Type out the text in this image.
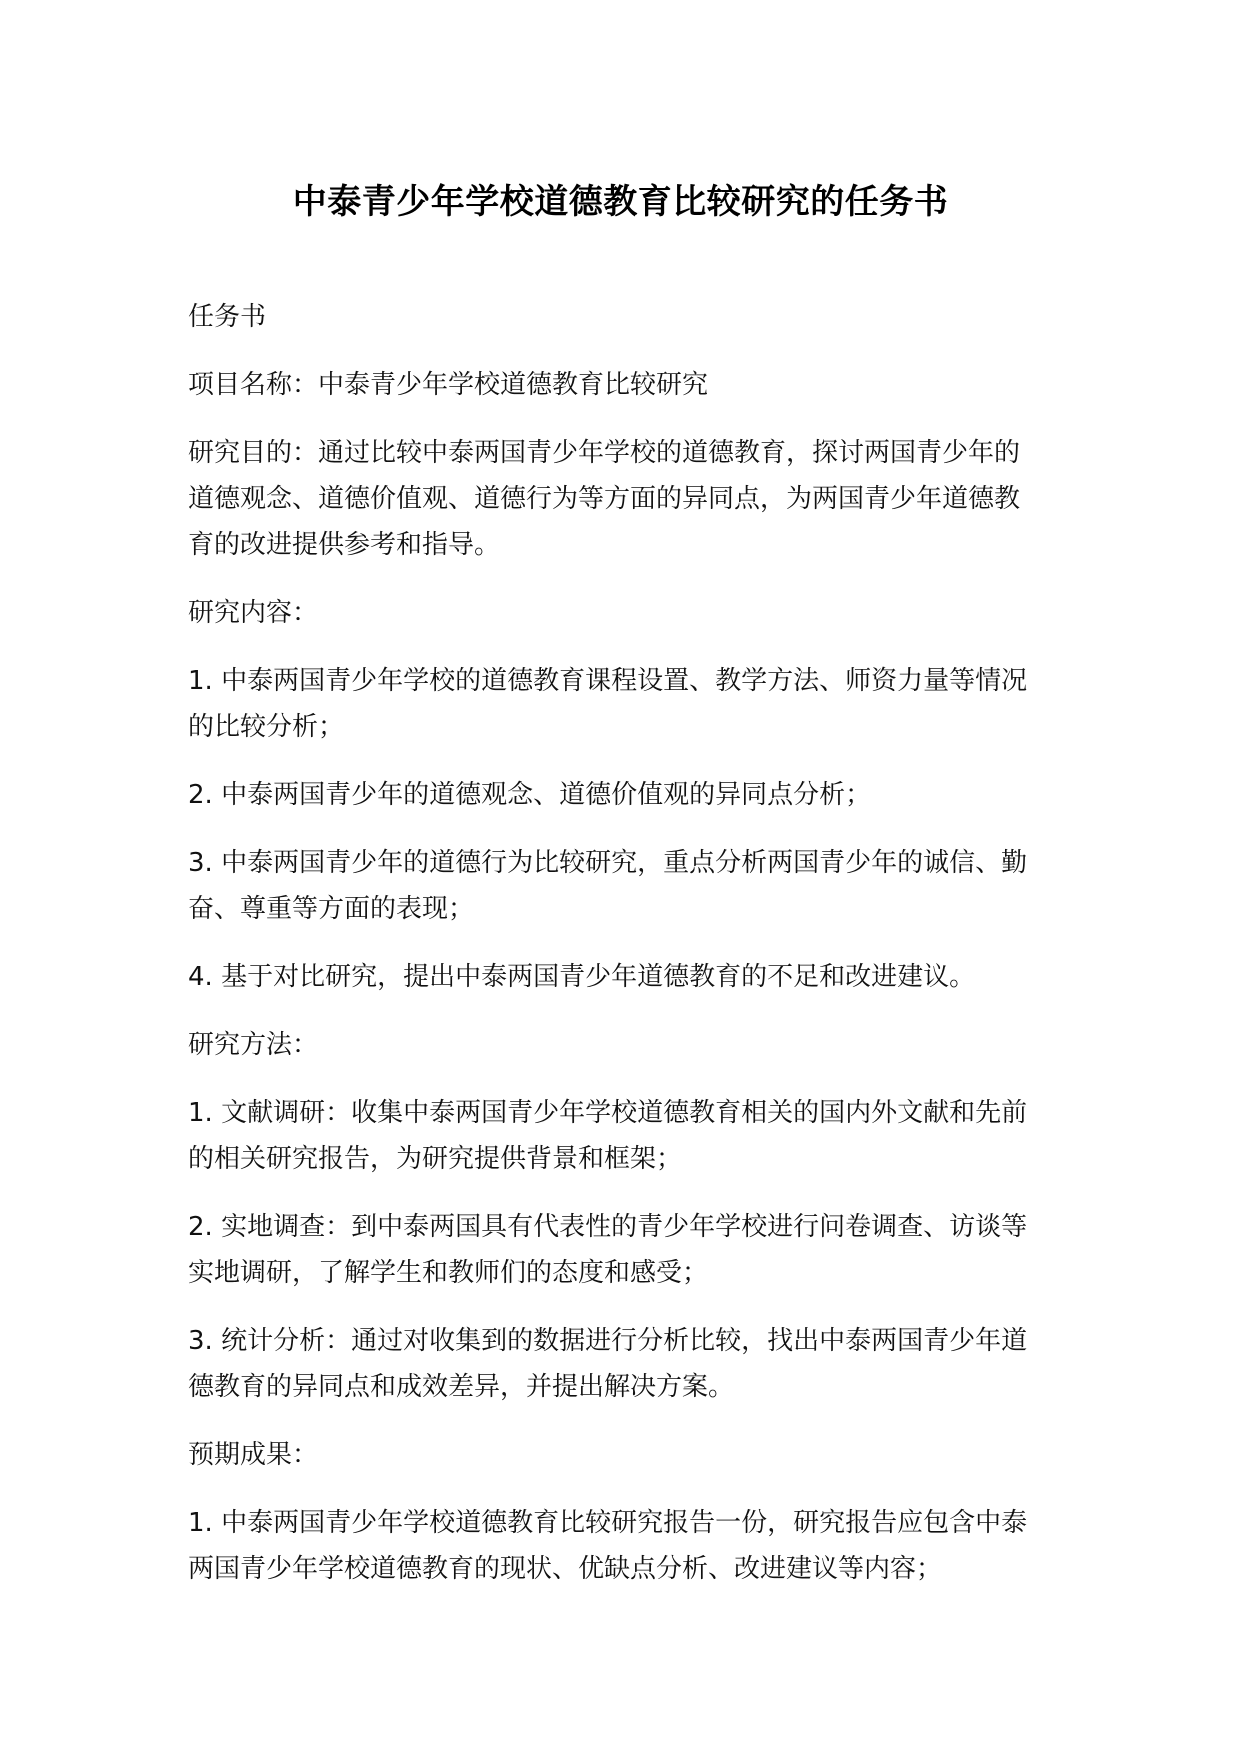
中泰青少年学校道德教育比较研究的任务书

任务书

项目名称：中泰青少年学校道德教育比较研究

研究目的：通过比较中泰两国青少年学校的道德教育，探讨两国青少年的道德观念、道德价值观、道德行为等方面的异同点，为两国青少年道德教育的改进提供参考和指导。

研究内容：

1. 中泰两国青少年学校的道德教育课程设置、教学方法、师资力量等情况的比较分析；

2. 中泰两国青少年的道德观念、道德价值观的异同点分析；

3. 中泰两国青少年的道德行为比较研究，重点分析两国青少年的诚信、勤奋、尊重等方面的表现；

4. 基于对比研究，提出中泰两国青少年道德教育的不足和改进建议。

研究方法：

1. 文献调研：收集中泰两国青少年学校道德教育相关的国内外文献和先前的相关研究报告，为研究提供背景和框架；

2. 实地调查：到中泰两国具有代表性的青少年学校进行问卷调查、访谈等实地调研，了解学生和教师们的态度和感受；

3. 统计分析：通过对收集到的数据进行分析比较，找出中泰两国青少年道德教育的异同点和成效差异，并提出解决方案。

预期成果：

1. 中泰两国青少年学校道德教育比较研究报告一份，研究报告应包含中泰两国青少年学校道德教育的现状、优缺点分析、改进建议等内容；
